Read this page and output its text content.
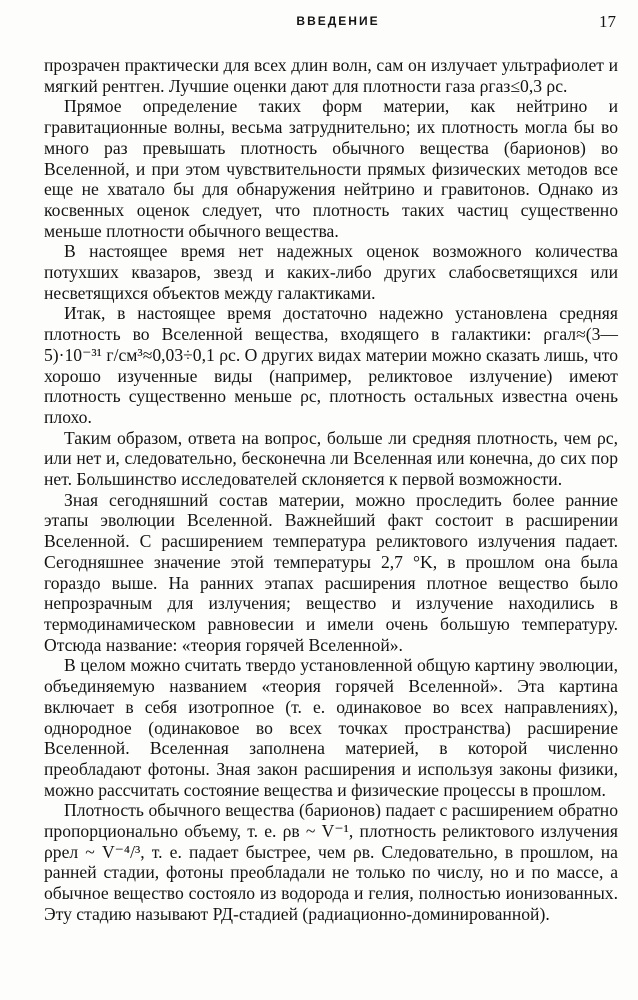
ВВЕДЕНИЕ	17

прозрачен практически для всех длин волн, сам он излучает ультрафиолет и мягкий рентген. Лучшие оценки дают для плотности газа ρгаз≤0,3 ρc.

Прямое определение таких форм материи, как нейтрино и гравитационные волны, весьма затруднительно; их плотность могла бы во много раз превышать плотность обычного вещества (барионов) во Вселенной, и при этом чувствительности прямых физических методов все еще не хватало бы для обнаружения нейтрино и гравитонов. Однако из косвенных оценок следует, что плотность таких частиц существенно меньше плотности обычного вещества.

В настоящее время нет надежных оценок возможного количества потухших квазаров, звезд и каких-либо других слабосветящихся или несветящихся объектов между галактиками.

Итак, в настоящее время достаточно надежно установлена средняя плотность во Вселенной вещества, входящего в галактики: ρгал≈(3—5)·10⁻³¹ г/см³≈0,03÷0,1 ρc. О других видах материи можно сказать лишь, что хорошо изученные виды (например, реликтовое излучение) имеют плотность существенно меньше ρc, плотность остальных известна очень плохо.

Таким образом, ответа на вопрос, больше ли средняя плотность, чем ρc, или нет и, следовательно, бесконечна ли Вселенная или конечна, до сих пор нет. Большинство исследователей склоняется к первой возможности.

Зная сегодняшний состав материи, можно проследить более ранние этапы эволюции Вселенной. Важнейший факт состоит в расширении Вселенной. С расширением температура реликтового излучения падает. Сегодняшнее значение этой температуры 2,7 °K, в прошлом она была гораздо выше. На ранних этапах расширения плотное вещество было непрозрачным для излучения; вещество и излучение находились в термодинамическом равновесии и имели очень большую температуру. Отсюда название: «теория горячей Вселенной».

В целом можно считать твердо установленной общую картину эволюции, объединяемую названием «теория горячей Вселенной». Эта картина включает в себя изотропное (т. е. одинаковое во всех направлениях), однородное (одинаковое во всех точках пространства) расширение Вселенной. Вселенная заполнена материей, в которой численно преобладают фотоны. Зная закон расширения и используя законы физики, можно рассчитать состояние вещества и физические процессы в прошлом.

Плотность обычного вещества (барионов) падает с расширением обратно пропорционально объему, т. е. ρв ~ V⁻¹, плотность реликтового излучения ρрел ~ V⁻⁴/³, т. е. падает быстрее, чем ρв. Следовательно, в прошлом, на ранней стадии, фотоны преобладали не только по числу, но и по массе, а обычное вещество состояло из водорода и гелия, полностью ионизованных. Эту стадию называют РД-стадией (радиационно-доминированной).
